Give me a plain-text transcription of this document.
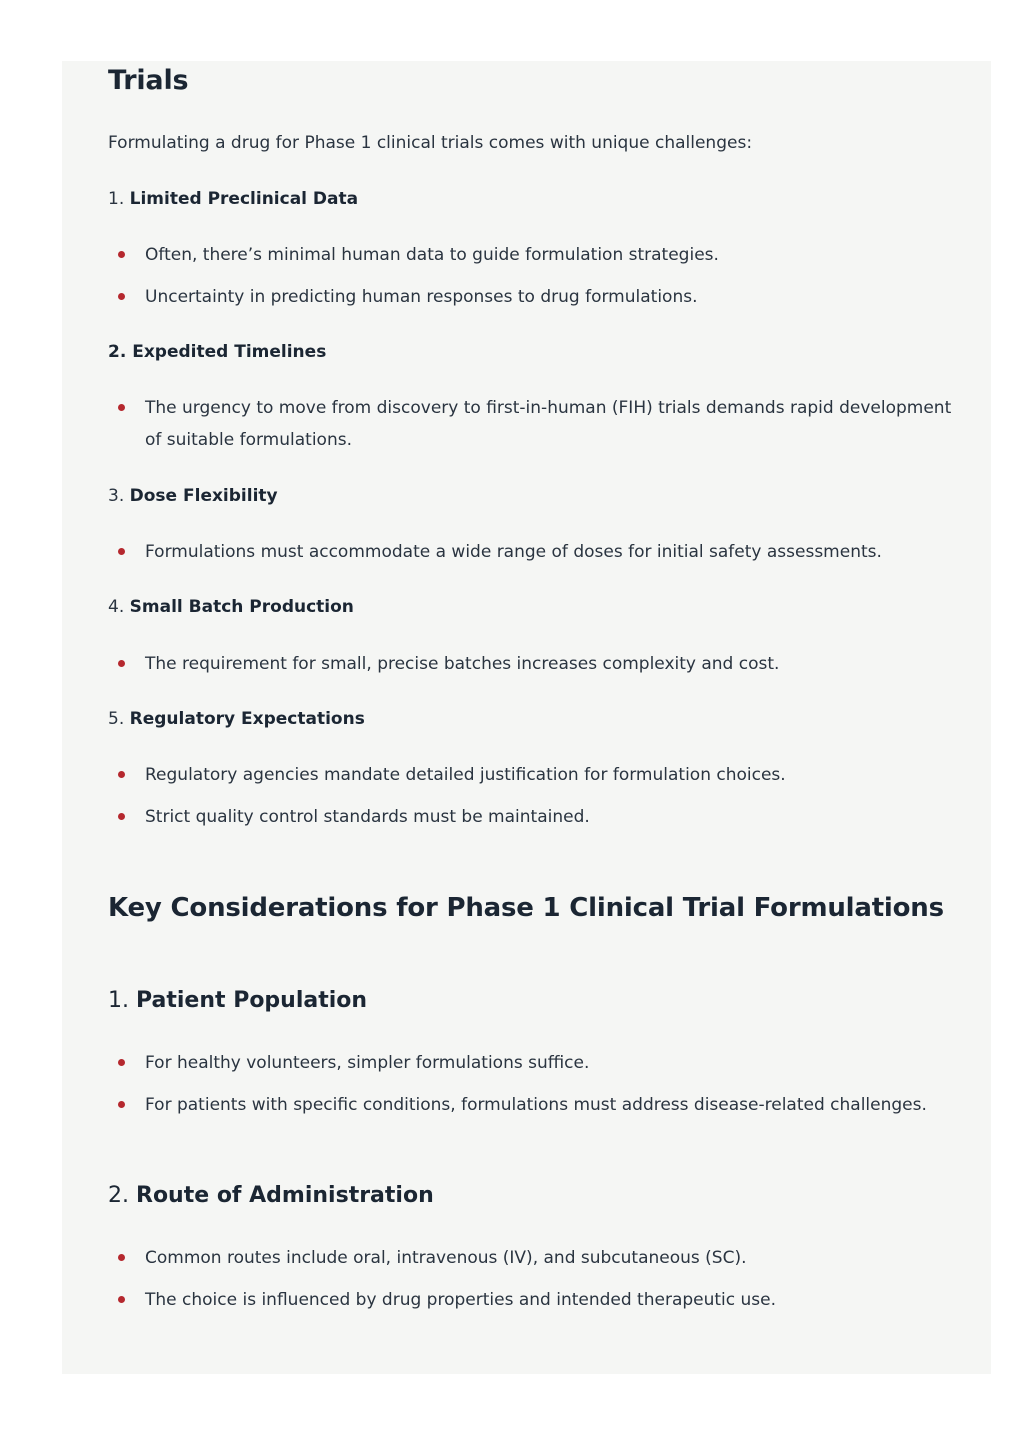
Trials

Formulating a drug for Phase 1 clinical trials comes with unique challenges:

1. Limited Preclinical Data

Often, there’s minimal human data to guide formulation strategies.
Uncertainty in predicting human responses to drug formulations.

2. Expedited Timelines

The urgency to move from discovery to first-in-human (FIH) trials demands rapid development of suitable formulations.

3. Dose Flexibility

Formulations must accommodate a wide range of doses for initial safety assessments.

4. Small Batch Production

The requirement for small, precise batches increases complexity and cost.

5. Regulatory Expectations

Regulatory agencies mandate detailed justification for formulation choices.
Strict quality control standards must be maintained.
Key Considerations for Phase 1 Clinical Trial Formulations
1. Patient Population
For healthy volunteers, simpler formulations suffice.
For patients with specific conditions, formulations must address disease-related challenges.
2. Route of Administration
Common routes include oral, intravenous (IV), and subcutaneous (SC).
The choice is influenced by drug properties and intended therapeutic use.
